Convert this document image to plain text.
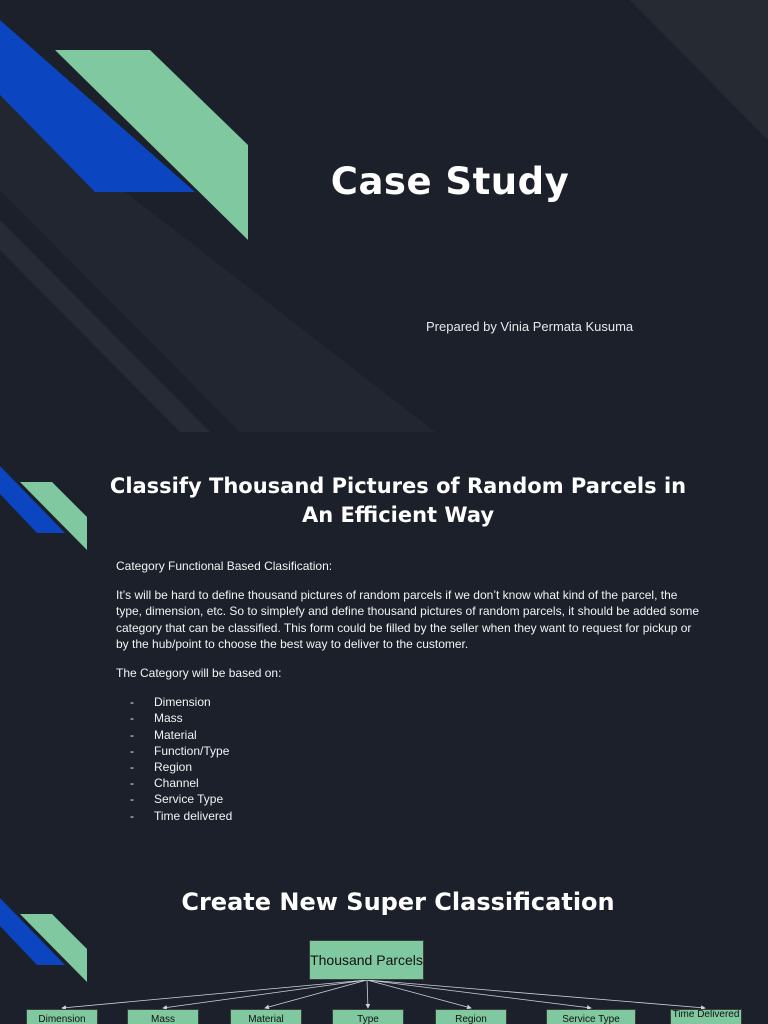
Case Study
Prepared by Vinia Permata Kusuma
Classify Thousand Pictures of Random Parcels in An Efficient Way

Category Functional Based Clasification:

It’s will be hard to define thousand pictures of random parcels if we don’t know what kind of the parcel, the type, dimension, etc. So to simplefy and define thousand pictures of random parcels, it should be added some category that can be classified. This form could be filled by the seller when they want to request for pickup or by the hub/point to choose the best way to deliver to the customer.

The Category will be based on:

- Dimension
- Mass
- Material
- Function/Type
- Region
- Channel
- Service Type
- Time delivered
Create New Super Classification
Thousand Parcels
Dimension	Mass	Material	Type	Region	Service Type	Time Delivered
